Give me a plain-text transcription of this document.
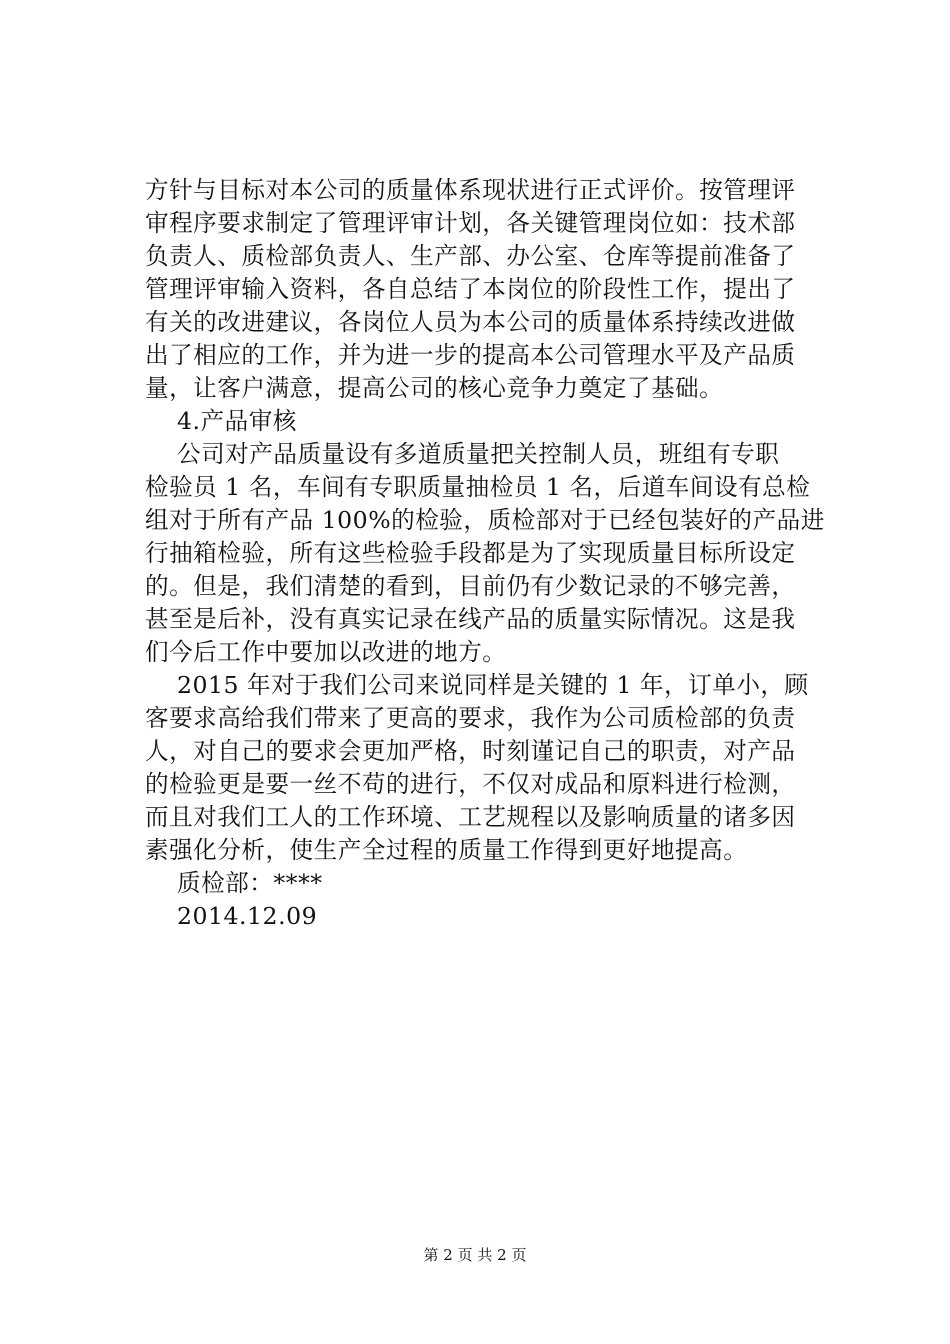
方针与目标对本公司的质量体系现状进行正式评价。按管理评
审程序要求制定了管理评审计划，各关键管理岗位如：技术部
负责人、质检部负责人、生产部、办公室、仓库等提前准备了
管理评审输入资料，各自总结了本岗位的阶段性工作，提出了
有关的改进建议，各岗位人员为本公司的质量体系持续改进做
出了相应的工作，并为进一步的提高本公司管理水平及产品质
量，让客户满意，提高公司的核心竞争力奠定了基础。
4.产品审核
公司对产品质量设有多道质量把关控制人员，班组有专职
检验员 1 名，车间有专职质量抽检员 1 名，后道车间设有总检
组对于所有产品 100%的检验，质检部对于已经包装好的产品进
行抽箱检验，所有这些检验手段都是为了实现质量目标所设定
的。但是，我们清楚的看到，目前仍有少数记录的不够完善，
甚至是后补，没有真实记录在线产品的质量实际情况。这是我
们今后工作中要加以改进的地方。
2015 年对于我们公司来说同样是关键的 1 年，订单小，顾
客要求高给我们带来了更高的要求，我作为公司质检部的负责
人，对自己的要求会更加严格，时刻谨记自己的职责，对产品
的检验更是要一丝不苟的进行，不仅对成品和原料进行检测，
而且对我们工人的工作环境、工艺规程以及影响质量的诸多因
素强化分析，使生产全过程的质量工作得到更好地提高。
质检部：****
2014.12.09
第 2 页 共 2 页
